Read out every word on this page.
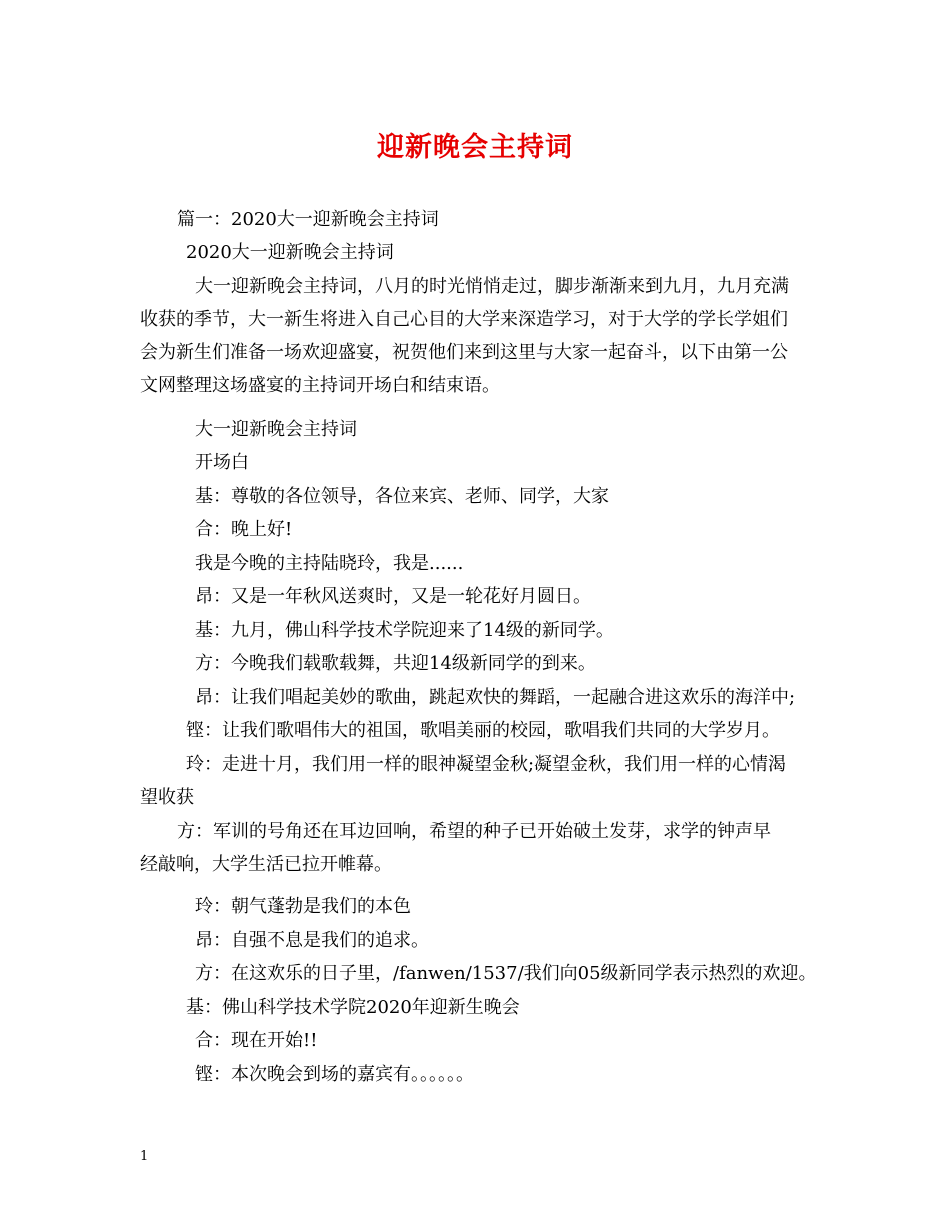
迎新晚会主持词
篇一：2020大一迎新晚会主持词
2020大一迎新晚会主持词
大一迎新晚会主持词，八月的时光悄悄走过，脚步渐渐来到九月，九月充满
收获的季节，大一新生将进入自己心目的大学来深造学习，对于大学的学长学姐们
会为新生们准备一场欢迎盛宴，祝贺他们来到这里与大家一起奋斗，以下由第一公
文网整理这场盛宴的主持词开场白和结束语。
大一迎新晚会主持词
开场白
基：尊敬的各位领导，各位来宾、老师、同学，大家
合：晚上好!
我是今晚的主持陆晓玲，我是......
昂：又是一年秋风送爽时，又是一轮花好月圆日。
基：九月，佛山科学技术学院迎来了14级的新同学。
方：今晚我们载歌载舞，共迎14级新同学的到来。
昂：让我们唱起美妙的歌曲，跳起欢快的舞蹈，一起融合进这欢乐的海洋中;
铿：让我们歌唱伟大的祖国，歌唱美丽的校园，歌唱我们共同的大学岁月。
玲：走进十月，我们用一样的眼神凝望金秋;凝望金秋，我们用一样的心情渴
望收获
方：军训的号角还在耳边回响，希望的种子已开始破土发芽，求学的钟声早
经敲响，大学生活已拉开帷幕。
玲：朝气蓬勃是我们的本色
昂：自强不息是我们的追求。
方：在这欢乐的日子里，/fanwen/1537/我们向05级新同学表示热烈的欢迎。
基：佛山科学技术学院2020年迎新生晚会
合：现在开始!!
铿：本次晚会到场的嘉宾有。。。。。。
1
